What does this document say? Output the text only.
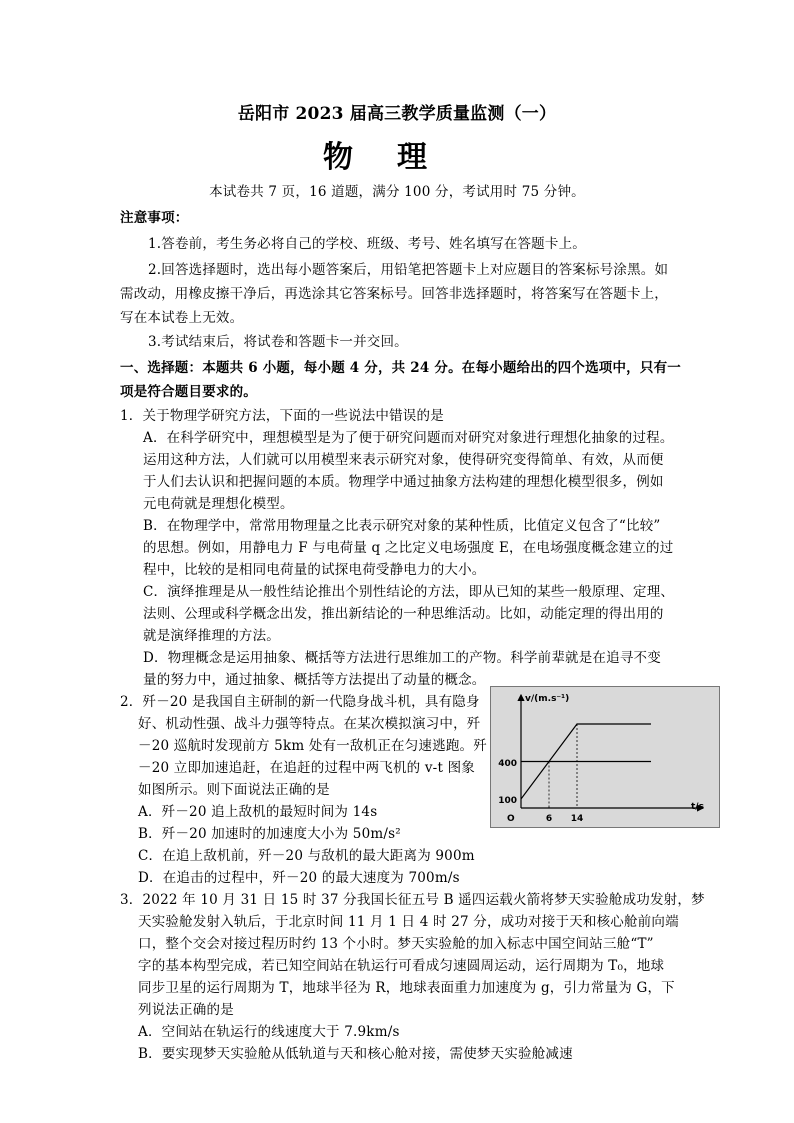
岳阳市 2023 届高三教学质量监测（一）
物理
本试卷共 7 页，16 道题，满分 100 分，考试用时 75 分钟。
注意事项：
1.答卷前，考生务必将自己的学校、班级、考号、姓名填写在答题卡上。
2.回答选择题时，选出每小题答案后，用铅笔把答题卡上对应题目的答案标号涂黑。如
需改动，用橡皮擦干净后，再选涂其它答案标号。回答非选择题时，将答案写在答题卡上，
写在本试卷上无效。
3.考试结束后，将试卷和答题卡一并交回。
一、选择题：本题共 6 小题，每小题 4 分，共 24 分。在每小题给出的四个选项中，只有一
项是符合题目要求的。
1．关于物理学研究方法，下面的一些说法中错误的是
A．在科学研究中，理想模型是为了便于研究问题而对研究对象进行理想化抽象的过程。
运用这种方法，人们就可以用模型来表示研究对象，使得研究变得简单、有效，从而便
于人们去认识和把握问题的本质。物理学中通过抽象方法构建的理想化模型很多，例如
元电荷就是理想化模型。
B．在物理学中，常常用物理量之比表示研究对象的某种性质，比值定义包含了“比较”
的思想。例如，用静电力 F 与电荷量 q 之比定义电场强度 E，在电场强度概念建立的过
程中，比较的是相同电荷量的试探电荷受静电力的大小。
C．演绎推理是从一般性结论推出个别性结论的方法，即从已知的某些一般原理、定理、
法则、公理或科学概念出发，推出新结论的一种思维活动。比如，动能定理的得出用的
就是演绎推理的方法。
D．物理概念是运用抽象、概括等方法进行思维加工的产物。科学前辈就是在追寻不变
量的努力中，通过抽象、概括等方法提出了动量的概念。
2．歼－20 是我国自主研制的新一代隐身战斗机，具有隐身
好、机动性强、战斗力强等特点。在某次模拟演习中，歼
－20 巡航时发现前方 5km 处有一敌机正在匀速逃跑。歼
－20 立即加速追赶，在追赶的过程中两飞机的 v-t 图象
如图所示。则下面说法正确的是
A．歼－20 追上敌机的最短时间为 14s
B．歼－20 加速时的加速度大小为 50m/s²
C．在追上敌机前，歼－20 与敌机的最大距离为 900m
D．在追击的过程中，歼－20 的最大速度为 700m/s
v/(m.s⁻¹)
t/s
O
100
400
6 14
3．2022 年 10 月 31 日 15 时 37 分我国长征五号 B 遥四运载火箭将梦天实验舱成功发射，梦
天实验舱发射入轨后，于北京时间 11 月 1 日 4 时 27 分，成功对接于天和核心舱前向端
口，整个交会对接过程历时约 13 个小时。梦天实验舱的加入标志中国空间站三舱“T”
字的基本构型完成，若已知空间站在轨运行可看成匀速圆周运动，运行周期为 T₀，地球
同步卫星的运行周期为 T，地球半径为 R，地球表面重力加速度为 g，引力常量为 G，下
列说法正确的是
A．空间站在轨运行的线速度大于 7.9km/s
B．要实现梦天实验舱从低轨道与天和核心舱对接，需使梦天实验舱减速
